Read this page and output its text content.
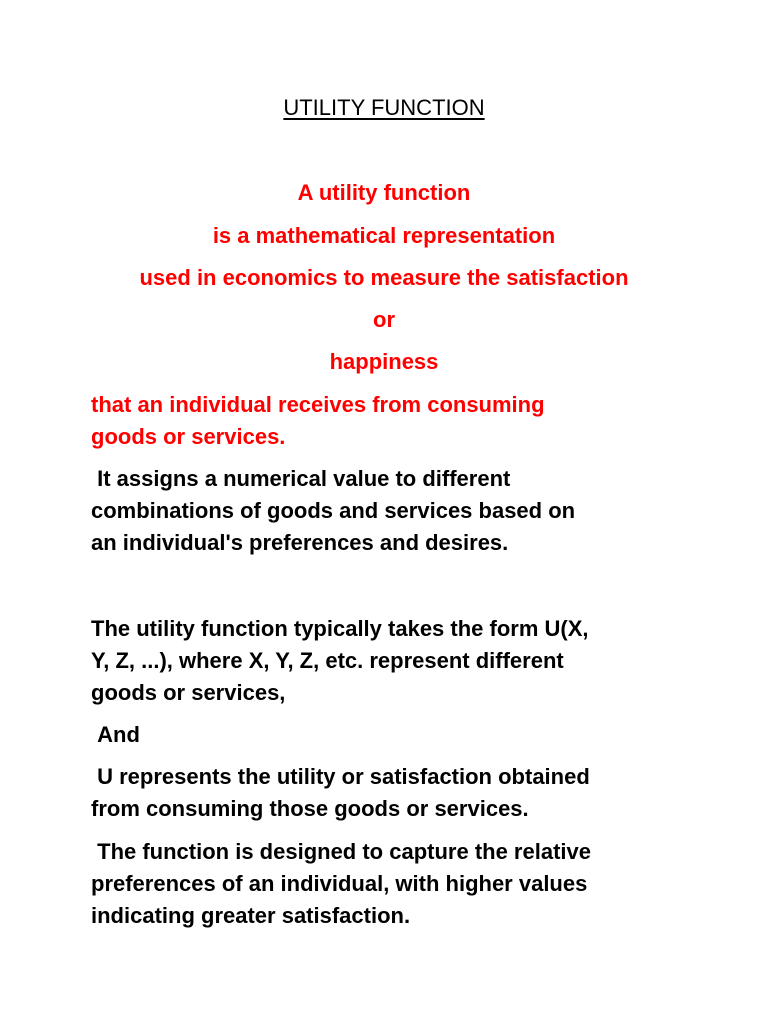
UTILITY FUNCTION
A utility function
is a mathematical representation
used in economics to measure the satisfaction
or
happiness
that an individual receives from consuming
goods or services.
It assigns a numerical value to different
combinations of goods and services based on
an individual's preferences and desires.
The utility function typically takes the form U(X,
Y, Z, ...), where X, Y, Z, etc. represent different
goods or services,
And
U represents the utility or satisfaction obtained
from consuming those goods or services.
The function is designed to capture the relative
preferences of an individual, with higher values
indicating greater satisfaction.
